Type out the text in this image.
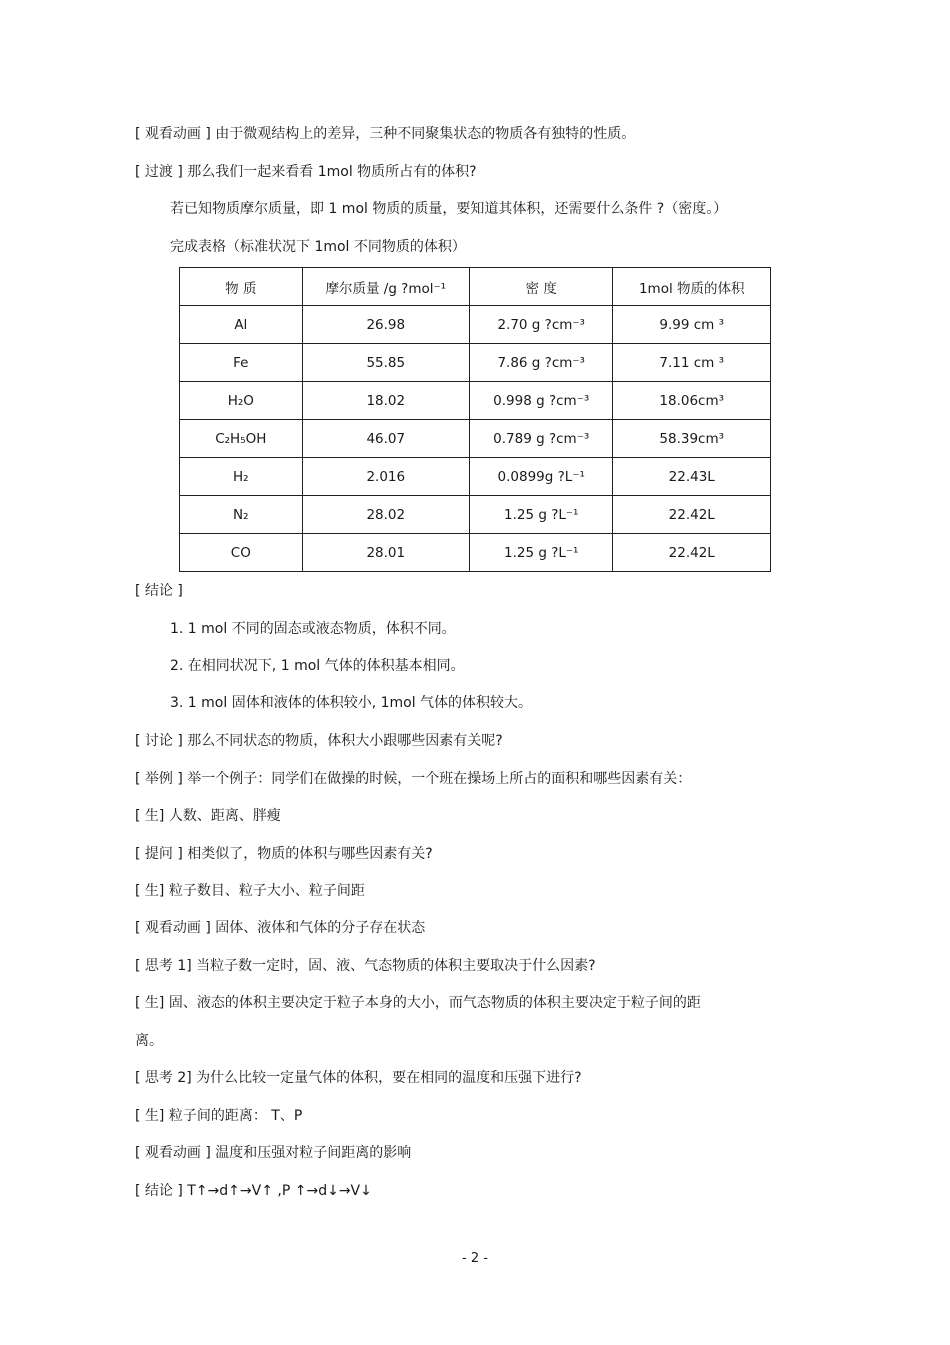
[ 观看动画 ] 由于微观结构上的差异，三种不同聚集状态的物质各有独特的性质。
[ 过渡 ] 那么我们一起来看看 1mol 物质所占有的体积?
若已知物质摩尔质量，即 1 mol 物质的质量，要知道其体积，还需要什么条件 ?（密度。）
完成表格（标准状况下 1mol 不同物质的体积）
物 质	摩尔质量 /g ?mol⁻¹	密 度	1mol 物质的体积
Al	26.98	2.70 g ?cm⁻³	9.99 cm ³
Fe	55.85	7.86 g ?cm⁻³	7.11 cm ³
H₂O	18.02	0.998 g ?cm⁻³	18.06cm³
C₂H₅OH	46.07	0.789 g ?cm⁻³	58.39cm³
H₂	2.016	0.0899g ?L⁻¹	22.43L
N₂	28.02	1.25 g ?L⁻¹	22.42L
CO	28.01	1.25 g ?L⁻¹	22.42L
[ 结论 ]
1. 1 mol 不同的固态或液态物质，体积不同。
2. 在相同状况下, 1 mol 气体的体积基本相同。
3. 1 mol 固体和液体的体积较小, 1mol 气体的体积较大。
[ 讨论 ] 那么不同状态的物质，体积大小跟哪些因素有关呢?
[ 举例 ] 举一个例子：同学们在做操的时候，一个班在操场上所占的面积和哪些因素有关：
[ 生] 人数、距离、胖瘦
[ 提问 ] 相类似了，物质的体积与哪些因素有关?
[ 生] 粒子数目、粒子大小、粒子间距
[ 观看动画 ] 固体、液体和气体的分子存在状态
[ 思考 1] 当粒子数一定时，固、液、气态物质的体积主要取决于什么因素?
[ 生] 固、液态的体积主要决定于粒子本身的大小，而气态物质的体积主要决定于粒子间的距
离。
[ 思考 2] 为什么比较一定量气体的体积，要在相同的温度和压强下进行?
[ 生] 粒子间的距离： T、P
[ 观看动画 ] 温度和压强对粒子间距离的影响
[ 结论 ] T↑→d↑→V↑ ,P ↑→d↓→V↓
- 2 -
